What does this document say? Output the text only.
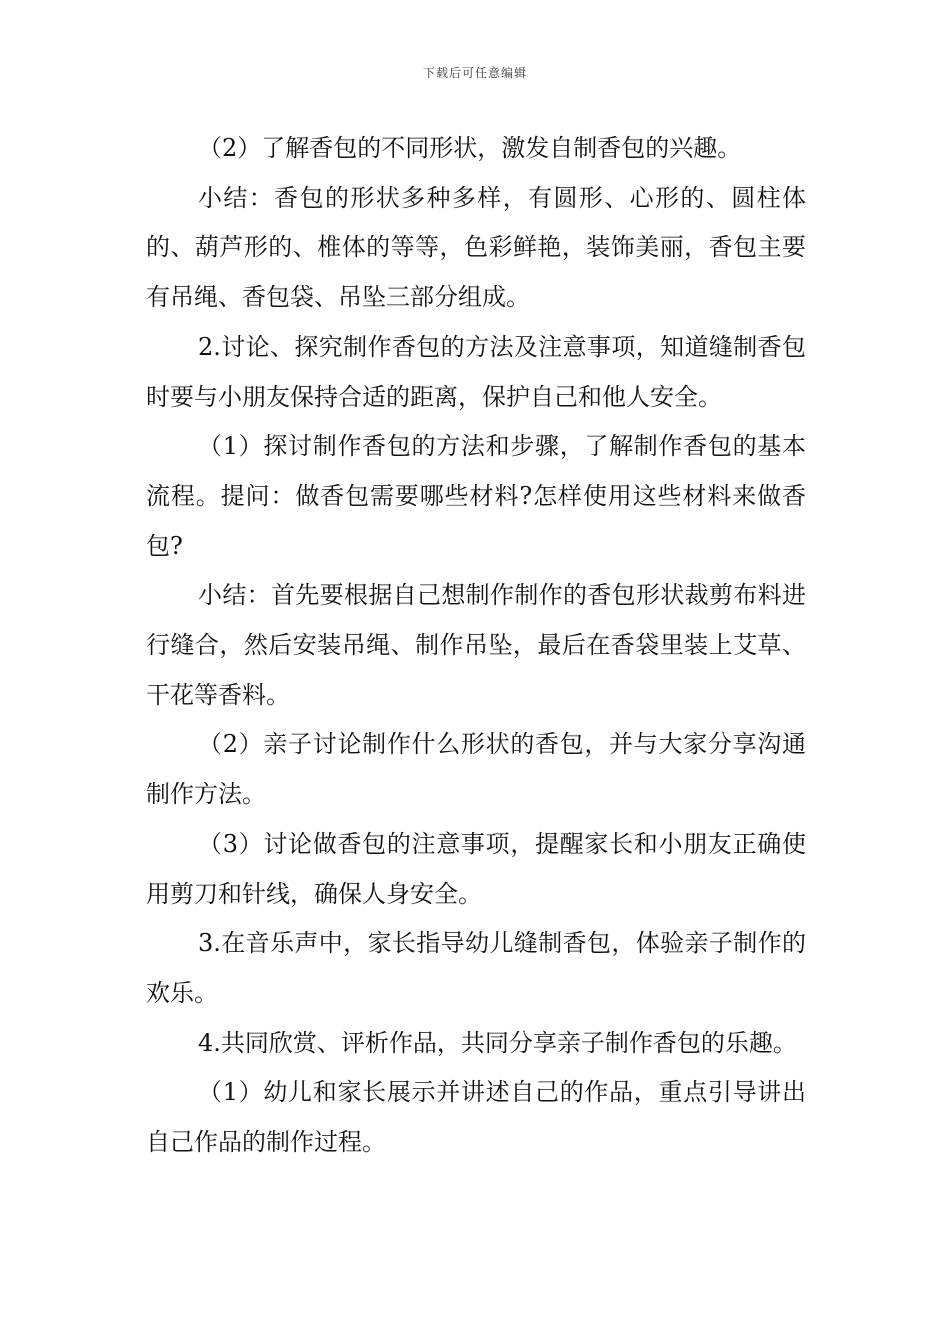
下载后可任意编辑

（2）了解香包的不同形状，激发自制香包的兴趣。

小结：香包的形状多种多样，有圆形、心形的、圆柱体的、葫芦形的、椎体的等等，色彩鲜艳，装饰美丽，香包主要有吊绳、香包袋、吊坠三部分组成。

2.讨论、探究制作香包的方法及注意事项，知道缝制香包时要与小朋友保持合适的距离，保护自己和他人安全。

（1）探讨制作香包的方法和步骤，了解制作香包的基本流程。提问：做香包需要哪些材料?怎样使用这些材料来做香包?

小结：首先要根据自己想制作制作的香包形状裁剪布料进行缝合，然后安装吊绳、制作吊坠，最后在香袋里装上艾草、干花等香料。

（2）亲子讨论制作什么形状的香包，并与大家分享沟通制作方法。

（3）讨论做香包的注意事项，提醒家长和小朋友正确使用剪刀和针线，确保人身安全。

3.在音乐声中，家长指导幼儿缝制香包，体验亲子制作的欢乐。

4.共同欣赏、评析作品，共同分享亲子制作香包的乐趣。

（1）幼儿和家长展示并讲述自己的作品，重点引导讲出自己作品的制作过程。
